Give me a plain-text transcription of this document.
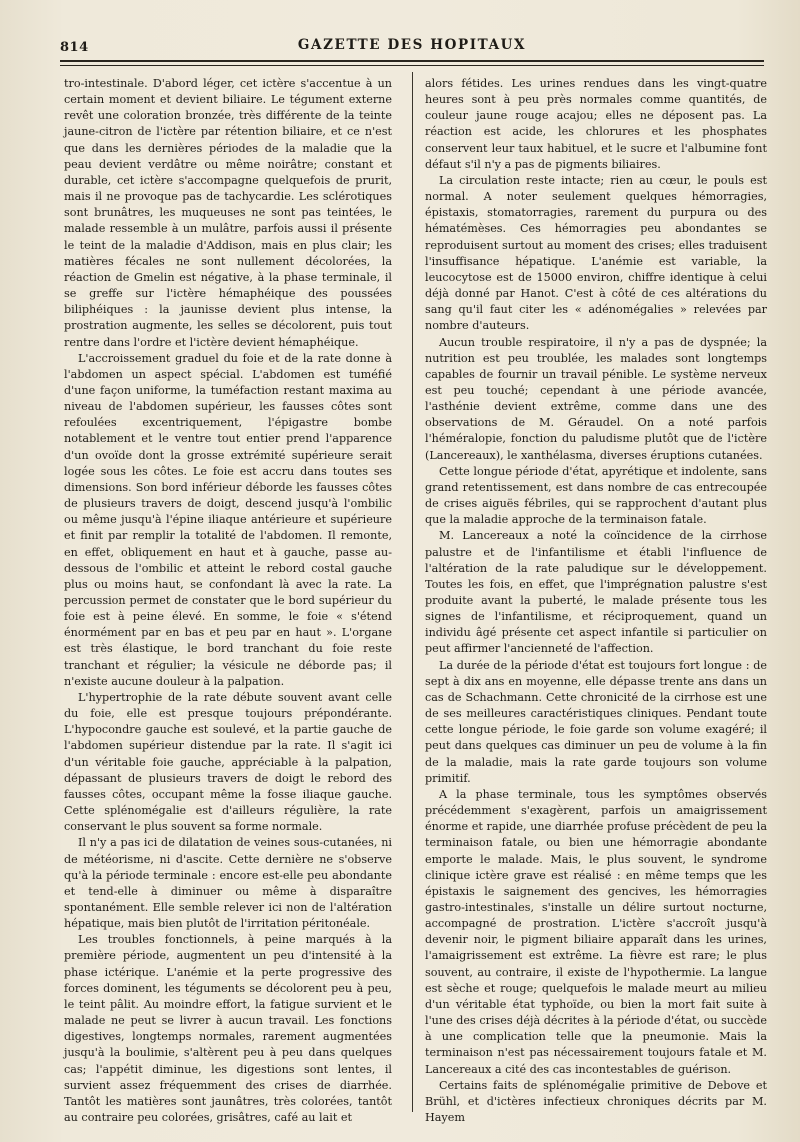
814	GAZETTE DES HOPITAUX

tro-intestinale. D'abord léger, cet ictère s'accentue à un certain moment et devient biliaire. Le tégument externe revêt une coloration bronzée, très différente de la teinte jaune-citron de l'ictère par rétention biliaire, et ce n'est que dans les dernières périodes de la maladie que la peau devient verdâtre ou même noirâtre; constant et durable, cet ictère s'accompagne quelquefois de prurit, mais il ne provoque pas de tachycardie. Les sclérotiques sont brunâtres, les muqueuses ne sont pas teintées, le malade ressemble à un mulâtre, parfois aussi il présente le teint de la maladie d'Addison, mais en plus clair; les matières fécales ne sont nullement décolorées, la réaction de Gmelin est négative, à la phase terminale, il se greffe sur l'ictère hémaphéique des poussées biliphéiques : la jaunisse devient plus intense, la prostration augmente, les selles se décolorent, puis tout rentre dans l'ordre et l'ictère devient hémaphéique.

L'accroissement graduel du foie et de la rate donne à l'abdomen un aspect spécial. L'abdomen est tuméfié d'une façon uniforme, la tuméfaction restant maxima au niveau de l'abdomen supérieur, les fausses côtes sont refoulées excentriquement, l'épigastre bombe notablement et le ventre tout entier prend l'apparence d'un ovoïde dont la grosse extrémité supérieure serait logée sous les côtes. Le foie est accru dans toutes ses dimensions. Son bord inférieur déborde les fausses côtes de plusieurs travers de doigt, descend jusqu'à l'ombilic ou même jusqu'à l'épine iliaque antérieure et supérieure et finit par remplir la totalité de l'abdomen. Il remonte, en effet, obliquement en haut et à gauche, passe au-dessous de l'ombilic et atteint le rebord costal gauche plus ou moins haut, se confondant là avec la rate. La percussion permet de constater que le bord supérieur du foie est à peine élevé. En somme, le foie « s'étend énormément par en bas et peu par en haut ». L'organe est très élastique, le bord tranchant du foie reste tranchant et régulier; la vésicule ne déborde pas; il n'existe aucune douleur à la palpation.

L'hypertrophie de la rate débute souvent avant celle du foie, elle est presque toujours prépondérante. L'hypocondre gauche est soulevé, et la partie gauche de l'abdomen supérieur distendue par la rate. Il s'agit ici d'un véritable foie gauche, appréciable à la palpation, dépassant de plusieurs travers de doigt le rebord des fausses côtes, occupant même la fosse iliaque gauche. Cette splénomégalie est d'ailleurs régulière, la rate conservant le plus souvent sa forme normale.

Il n'y a pas ici de dilatation de veines sous-cutanées, ni de météorisme, ni d'ascite. Cette dernière ne s'observe qu'à la période terminale : encore est-elle peu abondante et tend-elle à diminuer ou même à disparaître spontanément. Elle semble relever ici non de l'altération hépatique, mais bien plutôt de l'irritation péritonéale.

Les troubles fonctionnels, à peine marqués à la première période, augmentent un peu d'intensité à la phase ictérique. L'anémie et la perte progressive des forces dominent, les téguments se décolorent peu à peu, le teint pâlit. Au moindre effort, la fatigue survient et le malade ne peut se livrer à aucun travail. Les fonctions digestives, longtemps normales, rarement augmentées jusqu'à la boulimie, s'altèrent peu à peu dans quelques cas; l'appétit diminue, les digestions sont lentes, il survient assez fréquemment des crises de diarrhée. Tantôt les matières sont jaunâtres, très colorées, tantôt au contraire peu colorées, grisâtres, café au lait et

alors fétides. Les urines rendues dans les vingt-quatre heures sont à peu près normales comme quantités, de couleur jaune rouge acajou; elles ne déposent pas. La réaction est acide, les chlorures et les phosphates conservent leur taux habituel, et le sucre et l'albumine font défaut s'il n'y a pas de pigments biliaires.

La circulation reste intacte; rien au cœur, le pouls est normal. A noter seulement quelques hémorragies, épistaxis, stomatorragies, rarement du purpura ou des hématémèses. Ces hémorragies peu abondantes se reproduisent surtout au moment des crises; elles traduisent l'insuffisance hépatique. L'anémie est variable, la leucocytose est de 15000 environ, chiffre identique à celui déjà donné par Hanot. C'est à côté de ces altérations du sang qu'il faut citer les « adénomégalies » relevées par nombre d'auteurs.

Aucun trouble respiratoire, il n'y a pas de dyspnée; la nutrition est peu troublée, les malades sont longtemps capables de fournir un travail pénible. Le système nerveux est peu touché; cependant à une période avancée, l'asthénie devient extrême, comme dans une des observations de M. Géraudel. On a noté parfois l'héméralopie, fonction du paludisme plutôt que de l'ictère (Lancereaux), le xanthélasma, diverses éruptions cutanées.

Cette longue période d'état, apyrétique et indolente, sans grand retentissement, est dans nombre de cas entrecoupée de crises aiguës fébriles, qui se rapprochent d'autant plus que la maladie approche de la terminaison fatale.

M. Lancereaux a noté la coïncidence de la cirrhose palustre et de l'infantilisme et établi l'influence de l'altération de la rate paludique sur le développement. Toutes les fois, en effet, que l'imprégnation palustre s'est produite avant la puberté, le malade présente tous les signes de l'infantilisme, et réciproquement, quand un individu âgé présente cet aspect infantile si particulier on peut affirmer l'ancienneté de l'affection.

La durée de la période d'état est toujours fort longue : de sept à dix ans en moyenne, elle dépasse trente ans dans un cas de Schachmann. Cette chronicité de la cirrhose est une de ses meilleures caractéristiques cliniques. Pendant toute cette longue période, le foie garde son volume exagéré; il peut dans quelques cas diminuer un peu de volume à la fin de la maladie, mais la rate garde toujours son volume primitif.

A la phase terminale, tous les symptômes observés précédemment s'exagèrent, parfois un amaigrissement énorme et rapide, une diarrhée profuse précèdent de peu la terminaison fatale, ou bien une hémorragie abondante emporte le malade. Mais, le plus souvent, le syndrome clinique ictère grave est réalisé : en même temps que les épistaxis le saignement des gencives, les hémorragies gastro-intestinales, s'installe un délire surtout nocturne, accompagné de prostration. L'ictère s'accroît jusqu'à devenir noir, le pigment biliaire apparaît dans les urines, l'amaigrissement est extrême. La fièvre est rare; le plus souvent, au contraire, il existe de l'hypothermie. La langue est sèche et rouge; quelquefois le malade meurt au milieu d'un véritable état typhoïde, ou bien la mort fait suite à l'une des crises déjà décrites à la période d'état, ou succède à une complication telle que la pneumonie. Mais la terminaison n'est pas nécessairement toujours fatale et M. Lancereaux a cité des cas incontestables de guérison.

Certains faits de splénomégalie primitive de Debove et Brühl, et d'ictères infectieux chroniques décrits par M. Hayem
